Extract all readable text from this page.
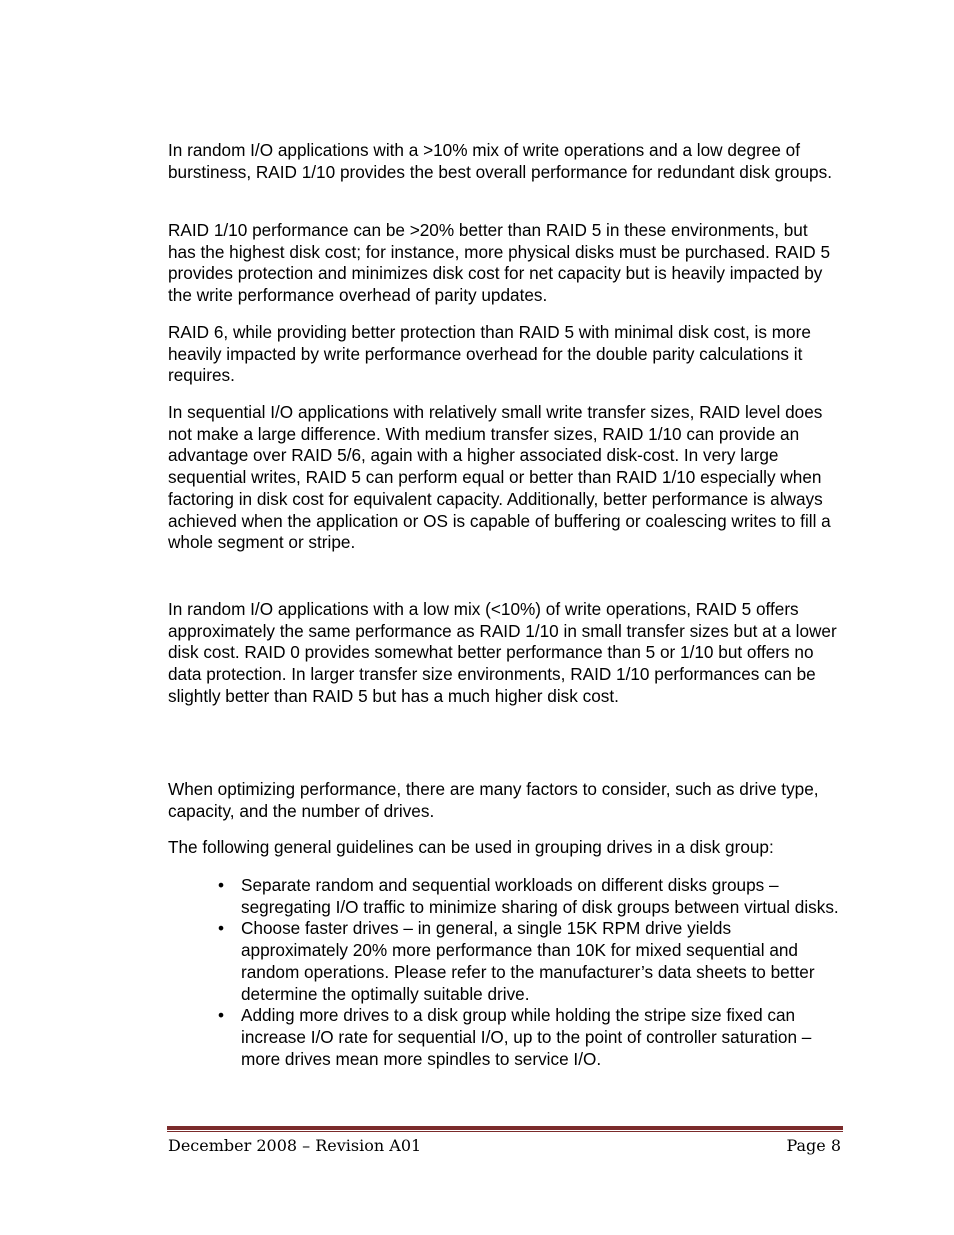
In random I/O applications with a >10% mix of write operations and a low degree of burstiness, RAID 1/10 provides the best overall performance for redundant disk groups.

RAID 1/10 performance can be >20% better than RAID 5 in these environments, but has the highest disk cost; for instance, more physical disks must be purchased. RAID 5 provides protection and minimizes disk cost for net capacity but is heavily impacted by the write performance overhead of parity updates.

RAID 6, while providing better protection than RAID 5 with minimal disk cost, is more heavily impacted by write performance overhead for the double parity calculations it requires.

In sequential I/O applications with relatively small write transfer sizes, RAID level does not make a large difference. With medium transfer sizes, RAID 1/10 can provide an advantage over RAID 5/6, again with a higher associated disk-cost. In very large sequential writes, RAID 5 can perform equal or better than RAID 1/10 especially when factoring in disk cost for equivalent capacity. Additionally, better performance is always achieved when the application or OS is capable of buffering or coalescing writes to fill a whole segment or stripe.

In random I/O applications with a low mix (<10%) of write operations, RAID 5 offers approximately the same performance as RAID 1/10 in small transfer sizes but at a lower disk cost. RAID 0 provides somewhat better performance than 5 or 1/10 but offers no data protection. In larger transfer size environments, RAID 1/10 performances can be slightly better than RAID 5 but has a much higher disk cost.

When optimizing performance, there are many factors to consider, such as drive type, capacity, and the number of drives.

The following general guidelines can be used in grouping drives in a disk group:

• Separate random and sequential workloads on different disks groups – segregating I/O traffic to minimize sharing of disk groups between virtual disks.
• Choose faster drives – in general, a single 15K RPM drive yields approximately 20% more performance than 10K for mixed sequential and random operations. Please refer to the manufacturer’s data sheets to better determine the optimally suitable drive.
• Adding more drives to a disk group while holding the stripe size fixed can increase I/O rate for sequential I/O, up to the point of controller saturation – more drives mean more spindles to service I/O.
December 2008 – Revision A01	Page 8
